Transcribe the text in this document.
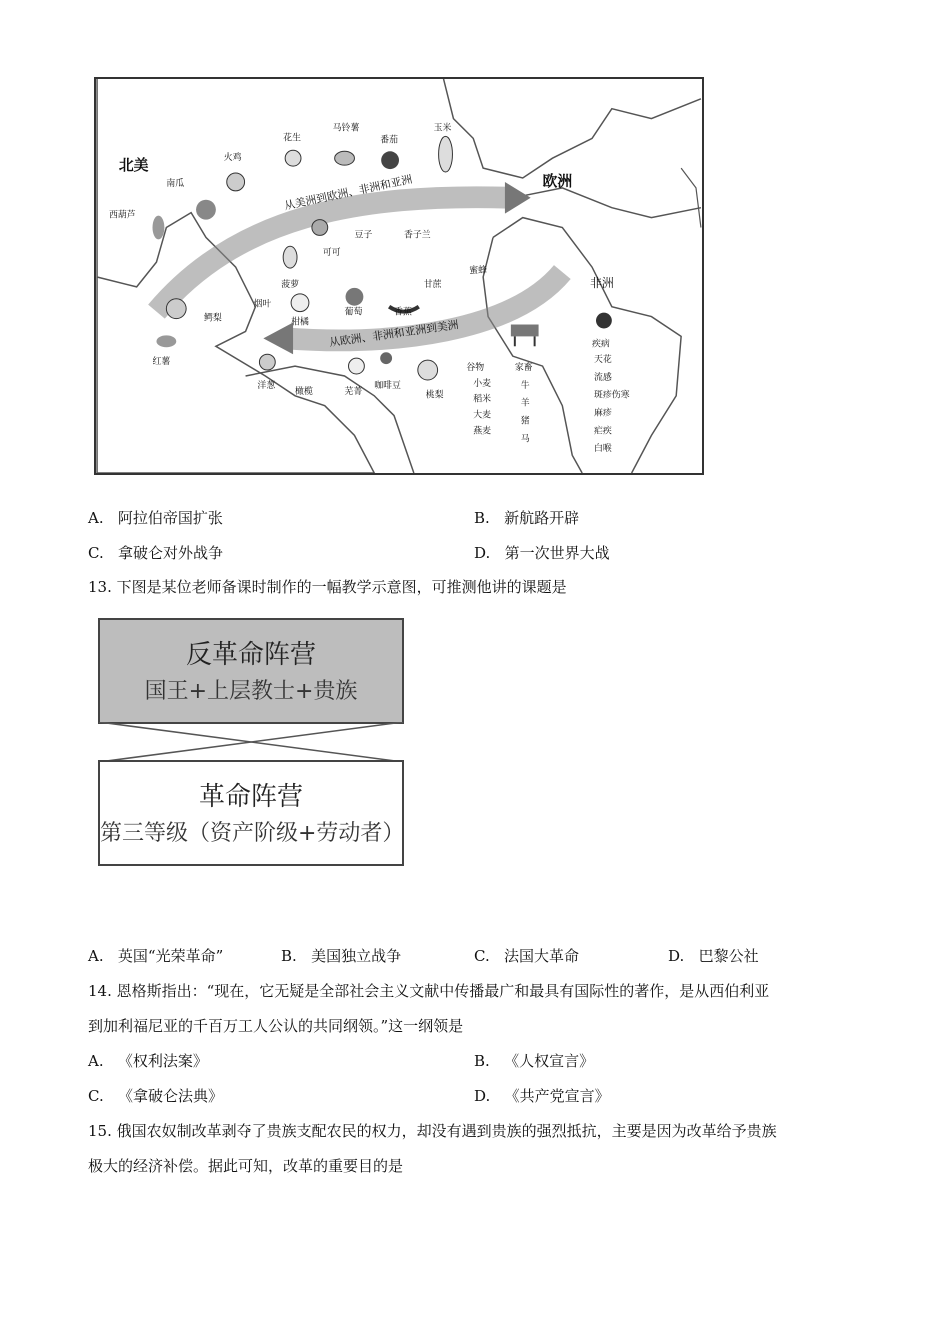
从美洲到欧洲、非洲和亚洲
从欧洲、非洲和亚洲到美洲
北美
欧洲
非洲
火鸡
花生
马铃薯
番茄
玉米
南瓜
西葫芦
豆子	香子兰
可可
菠萝
烟叶
甘蔗
蜜蜂
柑橘
葡萄	香蕉
鳄梨
红薯
洋葱
橄榄	芜菁
咖啡豆
桃梨
谷物
小麦
稻米
大麦
燕麦
家畜
牛
羊
猪
马
疾病
天花
流感
斑疹伤寒
麻疹
疟疾
白喉
A. 阿拉伯帝国扩张	B. 新航路开辟
C. 拿破仑对外战争	D. 第一次世界大战
13. 下图是某位老师备课时制作的一幅教学示意图，可推测他讲的课题是
反革命阵营
国王+上层教士+贵族
革命阵营
第三等级（资产阶级+劳动者）
A. 英国“光荣革命”	B. 美国独立战争	C. 法国大革命	D. 巴黎公社
14. 恩格斯指出：“现在，它无疑是全部社会主义文献中传播最广和最具有国际性的著作，是从西伯利亚
到加利福尼亚的千百万工人公认的共同纲领。”这一纲领是
A. 《权利法案》	B. 《人权宣言》
C. 《拿破仑法典》	D. 《共产党宣言》
15. 俄国农奴制改革剥夺了贵族支配农民的权力，却没有遇到贵族的强烈抵抗，主要是因为改革给予贵族
极大的经济补偿。据此可知，改革的重要目的是
